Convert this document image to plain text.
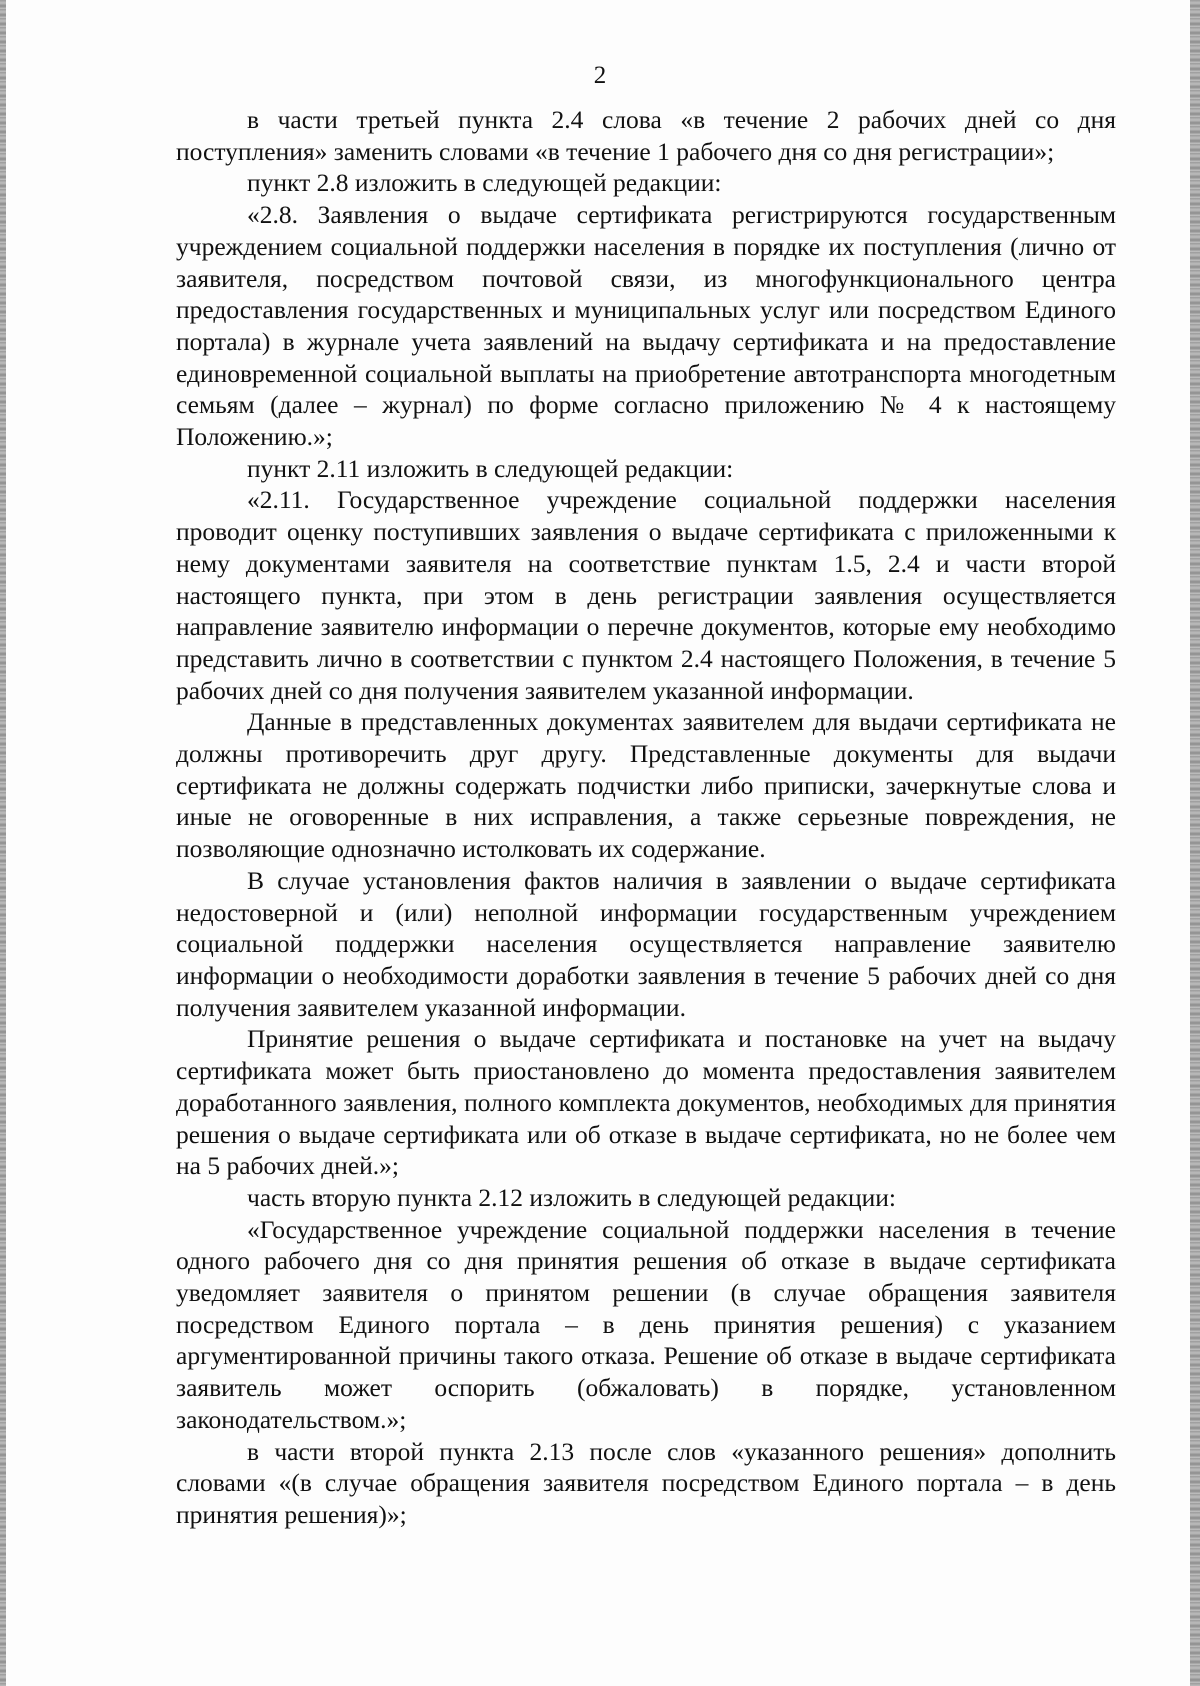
2

в части третьей пункта 2.4 слова «в течение 2 рабочих дней со дня поступления» заменить словами «в течение 1 рабочего дня со дня регистрации»;

пункт 2.8 изложить в следующей редакции:

«2.8. Заявления о выдаче сертификата регистрируются государственным учреждением социальной поддержки населения в порядке их поступления (лично от заявителя, посредством почтовой связи, из многофункционального центра предоставления государственных и муниципальных услуг или посредством Единого портала) в журнале учета заявлений на выдачу сертификата и на предоставление единовременной социальной выплаты на приобретение автотранспорта многодетным семьям (далее – журнал) по форме согласно приложению № 4 к настоящему Положению.»;

пункт 2.11 изложить в следующей редакции:

«2.11. Государственное учреждение социальной поддержки населения проводит оценку поступивших заявления о выдаче сертификата с приложенными к нему документами заявителя на соответствие пунктам 1.5, 2.4 и части второй настоящего пункта, при этом в день регистрации заявления осуществляется направление заявителю информации о перечне документов, которые ему необходимо представить лично в соответствии с пунктом 2.4 настоящего Положения, в течение 5 рабочих дней со дня получения заявителем указанной информации.

Данные в представленных документах заявителем для выдачи сертификата не должны противоречить друг другу. Представленные документы для выдачи сертификата не должны содержать подчистки либо приписки, зачеркнутые слова и иные не оговоренные в них исправления, а также серьезные повреждения, не позволяющие однозначно истолковать их содержание.

В случае установления фактов наличия в заявлении о выдаче сертификата недостоверной и (или) неполной информации государственным учреждением социальной поддержки населения осуществляется направление заявителю информации о необходимости доработки заявления в течение 5 рабочих дней со дня получения заявителем указанной информации.

Принятие решения о выдаче сертификата и постановке на учет на выдачу сертификата может быть приостановлено до момента предоставления заявителем доработанного заявления, полного комплекта документов, необходимых для принятия решения о выдаче сертификата или об отказе в выдаче сертификата, но не более чем на 5 рабочих дней.»;

часть вторую пункта 2.12 изложить в следующей редакции:

«Государственное учреждение социальной поддержки населения в течение одного рабочего дня со дня принятия решения об отказе в выдаче сертификата уведомляет заявителя о принятом решении (в случае обращения заявителя посредством Единого портала – в день принятия решения) с указанием аргументированной причины такого отказа. Решение об отказе в выдаче сертификата заявитель может оспорить (обжаловать) в порядке, установленном законодательством.»;

в части второй пункта 2.13 после слов «указанного решения» дополнить словами «(в случае обращения заявителя посредством Единого портала – в день принятия решения)»;
